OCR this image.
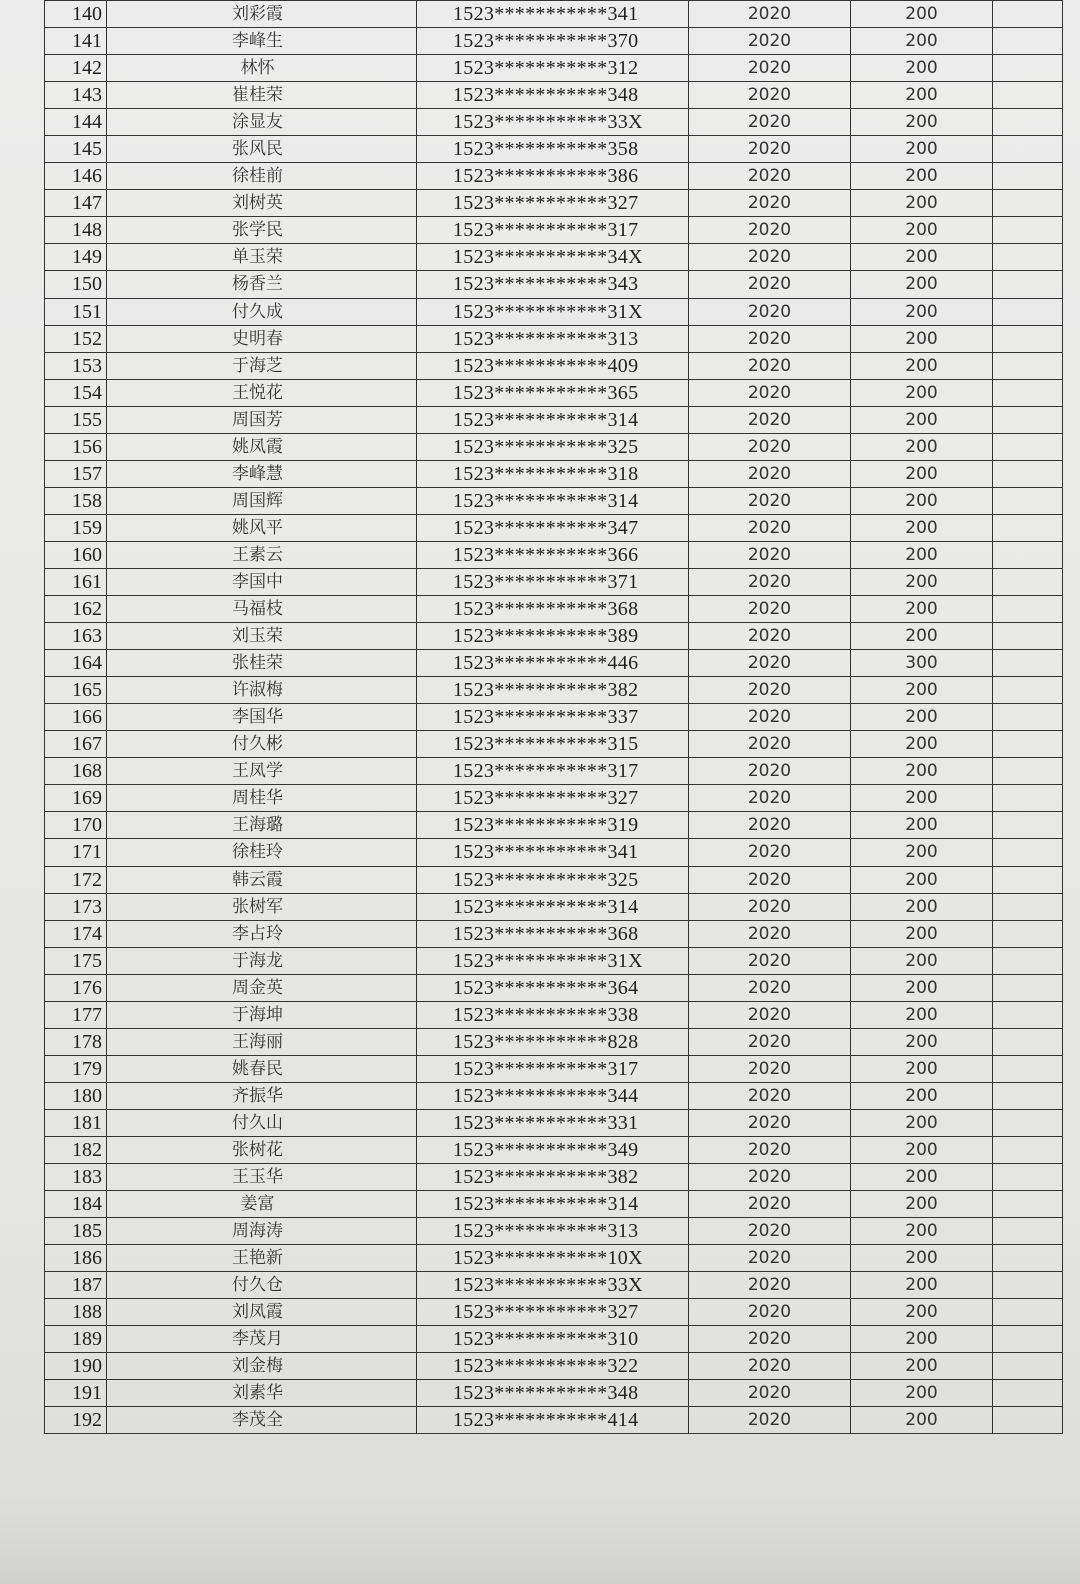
140	刘彩霞	1523***********341	2020	200	
141	李峰生	1523***********370	2020	200	
142	林怀	1523***********312	2020	200	
143	崔桂荣	1523***********348	2020	200	
144	涂显友	1523***********33X	2020	200	
145	张风民	1523***********358	2020	200	
146	徐桂前	1523***********386	2020	200	
147	刘树英	1523***********327	2020	200	
148	张学民	1523***********317	2020	200	
149	单玉荣	1523***********34X	2020	200	
150	杨香兰	1523***********343	2020	200	
151	付久成	1523***********31X	2020	200	
152	史明春	1523***********313	2020	200	
153	于海芝	1523***********409	2020	200	
154	王悦花	1523***********365	2020	200	
155	周国芳	1523***********314	2020	200	
156	姚凤霞	1523***********325	2020	200	
157	李峰慧	1523***********318	2020	200	
158	周国辉	1523***********314	2020	200	
159	姚风平	1523***********347	2020	200	
160	王素云	1523***********366	2020	200	
161	李国中	1523***********371	2020	200	
162	马福枝	1523***********368	2020	200	
163	刘玉荣	1523***********389	2020	200	
164	张桂荣	1523***********446	2020	300	
165	许淑梅	1523***********382	2020	200	
166	李国华	1523***********337	2020	200	
167	付久彬	1523***********315	2020	200	
168	王凤学	1523***********317	2020	200	
169	周桂华	1523***********327	2020	200	
170	王海璐	1523***********319	2020	200	
171	徐桂玲	1523***********341	2020	200	
172	韩云霞	1523***********325	2020	200	
173	张树军	1523***********314	2020	200	
174	李占玲	1523***********368	2020	200	
175	于海龙	1523***********31X	2020	200	
176	周金英	1523***********364	2020	200	
177	于海坤	1523***********338	2020	200	
178	王海丽	1523***********828	2020	200	
179	姚春民	1523***********317	2020	200	
180	齐振华	1523***********344	2020	200	
181	付久山	1523***********331	2020	200	
182	张树花	1523***********349	2020	200	
183	王玉华	1523***********382	2020	200	
184	姜富	1523***********314	2020	200	
185	周海涛	1523***********313	2020	200	
186	王艳新	1523***********10X	2020	200	
187	付久仓	1523***********33X	2020	200	
188	刘凤霞	1523***********327	2020	200	
189	李茂月	1523***********310	2020	200	
190	刘金梅	1523***********322	2020	200	
191	刘素华	1523***********348	2020	200	
192	李茂全	1523***********414	2020	200	
